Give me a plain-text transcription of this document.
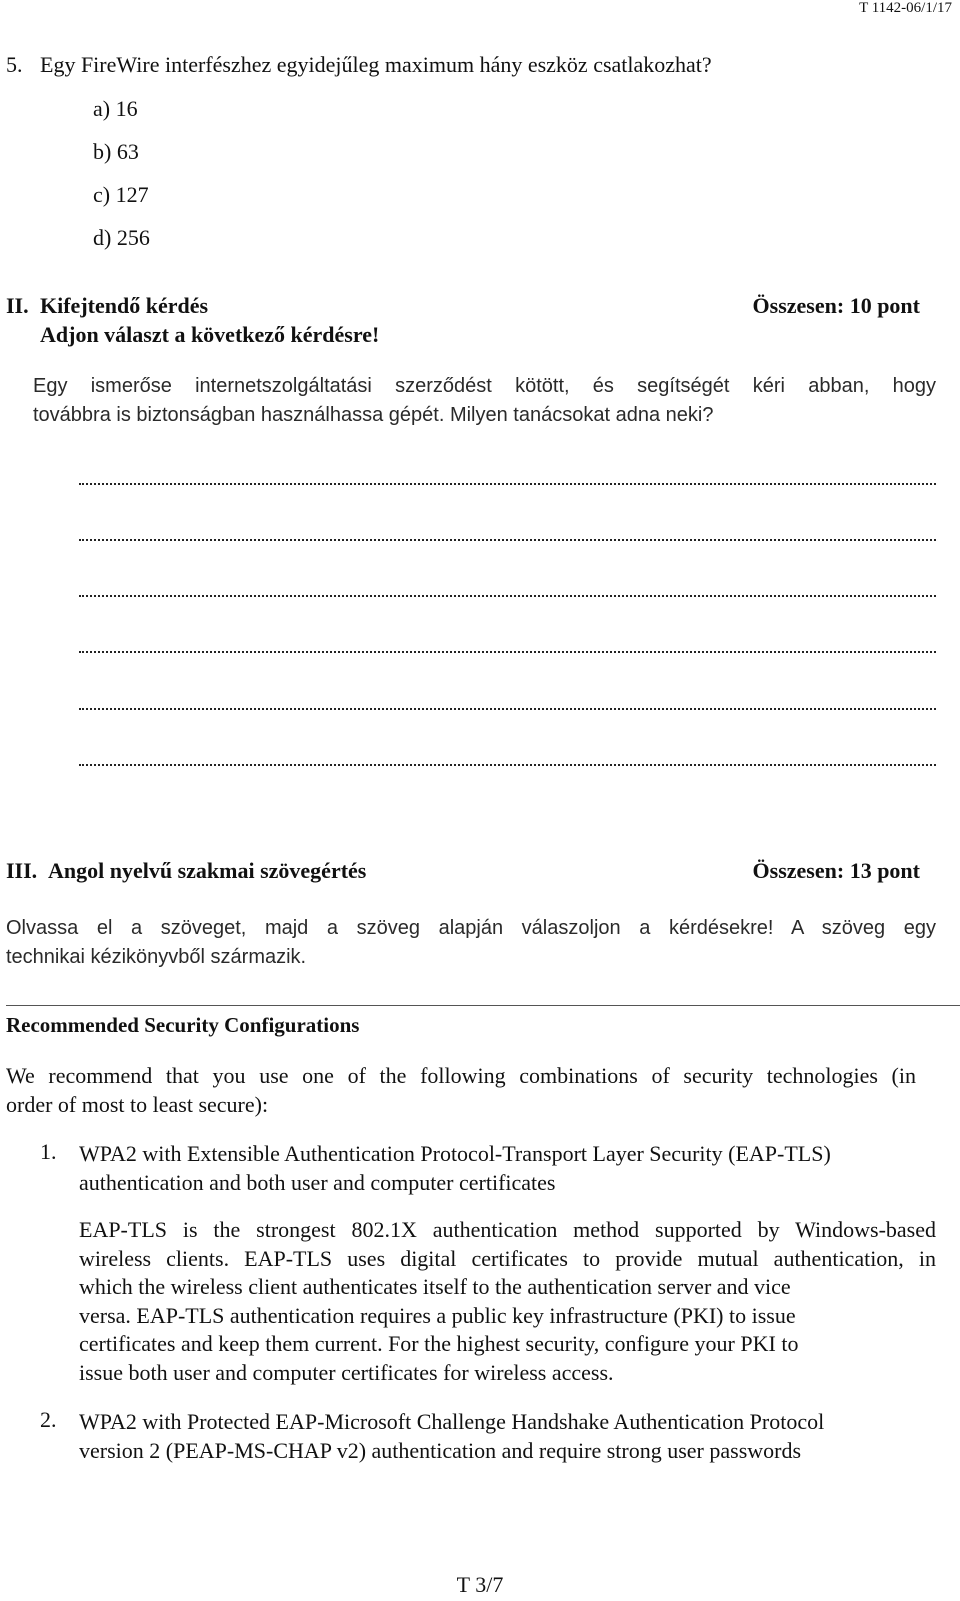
T 1142-06/1/17
5. Egy FireWire interfészhez egyidejűleg maximum hány eszköz csatlakozhat?
a) 16
b) 63
c) 127
d) 256
II. Kifejtendő kérdés	Összesen: 10 pont
Adjon választ a következő kérdésre!
Egy ismerőse internetszolgáltatási szerződést kötött, és segítségét kéri abban, hogy
továbbra is biztonságban használhassa gépét. Milyen tanácsokat adna neki?
III. Angol nyelvű szakmai szövegértés	Összesen: 13 pont
Olvassa el a szöveget, majd a szöveg alapján válaszoljon a kérdésekre! A szöveg egy
technikai kézikönyvből származik.
Recommended Security Configurations
We recommend that you use one of the following combinations of security technologies (in
order of most to least secure):
1. WPA2 with Extensible Authentication Protocol-Transport Layer Security (EAP-TLS)
authentication and both user and computer certificates
EAP-TLS is the strongest 802.1X authentication method supported by Windows-based
wireless clients. EAP-TLS uses digital certificates to provide mutual authentication, in
which the wireless client authenticates itself to the authentication server and vice
versa. EAP-TLS authentication requires a public key infrastructure (PKI) to issue
certificates and keep them current. For the highest security, configure your PKI to
issue both user and computer certificates for wireless access.
2. WPA2 with Protected EAP-Microsoft Challenge Handshake Authentication Protocol
version 2 (PEAP-MS-CHAP v2) authentication and require strong user passwords
T 3/7
